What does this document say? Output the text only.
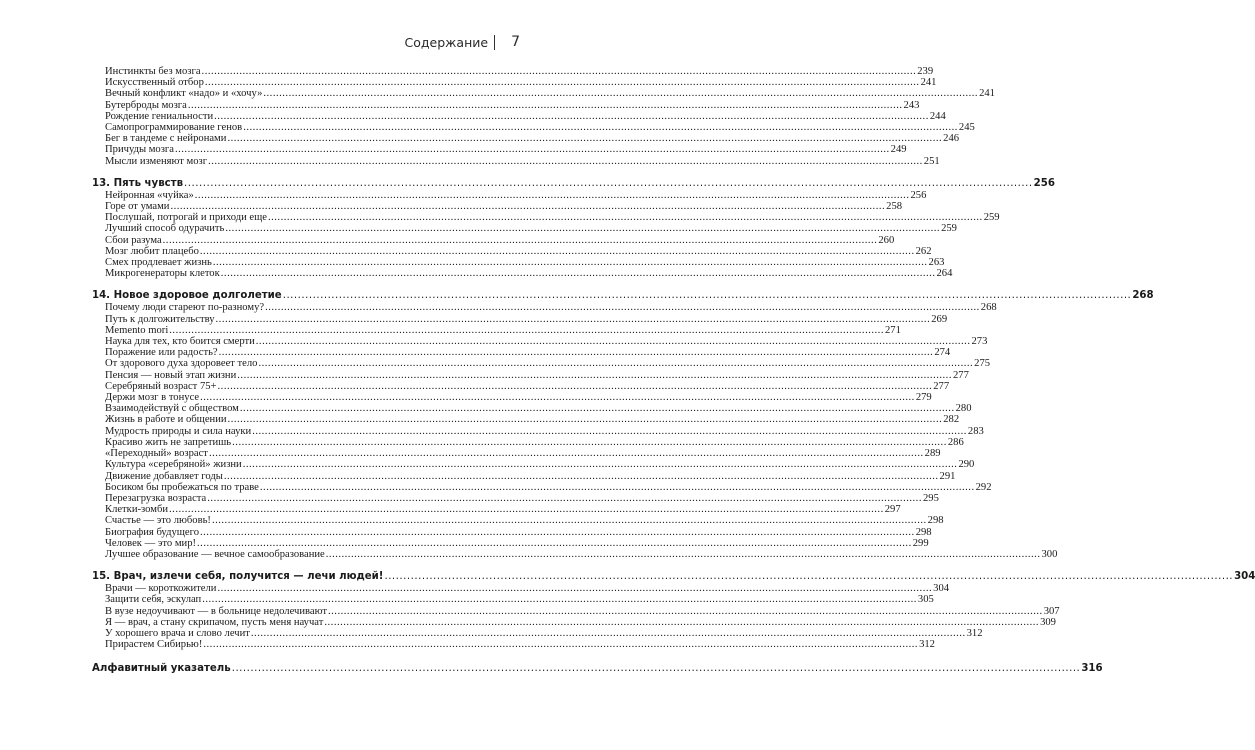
Содержание 7
Инстинкты без мозга .....	239
Искусственный отбор .....	241
Вечный конфликт «надо» и «хочу» .....	241
Бутерброды мозга .....	243
Рождение гениальности .....	244
Самопрограммирование генов .....	245
Бег в тандеме с нейронами .....	246
Причуды мозга .....	249
Мысли изменяют мозг .....	251
13. Пять чувств .....	256
Нейронная «чуйка» .....	256
Горе от умами .....	258
Послушай, потрогай и приходи еще .....	259
Лучший способ одурачить .....	259
Сбои разума .....	260
Мозг любит плацебо .....	262
Смех продлевает жизнь .....	263
Микрогенераторы клеток .....	264
14. Новое здоровое долголетие .....	268
Почему люди стареют по-разному? .....	268
Путь к долгожительству .....	269
Memento mori .....	271
Наука для тех, кто боится смерти .....	273
Поражение или радость? .....	274
От здорового духа здоровеет тело .....	275
Пенсия — новый этап жизни .....	277
Серебряный возраст 75+ .....	277
Держи мозг в тонусе .....	279
Взаимодействуй с обществом .....	280
Жизнь в работе и общении .....	282
Мудрость природы и сила науки .....	283
Красиво жить не запретишь .....	286
«Переходный» возраст .....	289
Культура «серебряной» жизни .....	290
Движение добавляет годы .....	291
Босиком бы пробежаться по траве .....	292
Перезагрузка возраста .....	295
Клетки-зомби .....	297
Счастье — это любовь! .....	298
Биография будущего .....	298
Человек — это мир! .....	299
Лучшее образование — вечное самообразование .....	300
15. Врач, излечи себя, получится — лечи людей! .....	304
Врачи — короткожители .....	304
Защити себя, эскулап .....	305
В вузе недоучивают — в больнице недолечивают .....	307
Я — врач, а стану скрипачом, пусть меня научат .....	309
У хорошего врача и слово лечит .....	312
Прирастем Сибирью! .....	312
Алфавитный указатель .....	316
